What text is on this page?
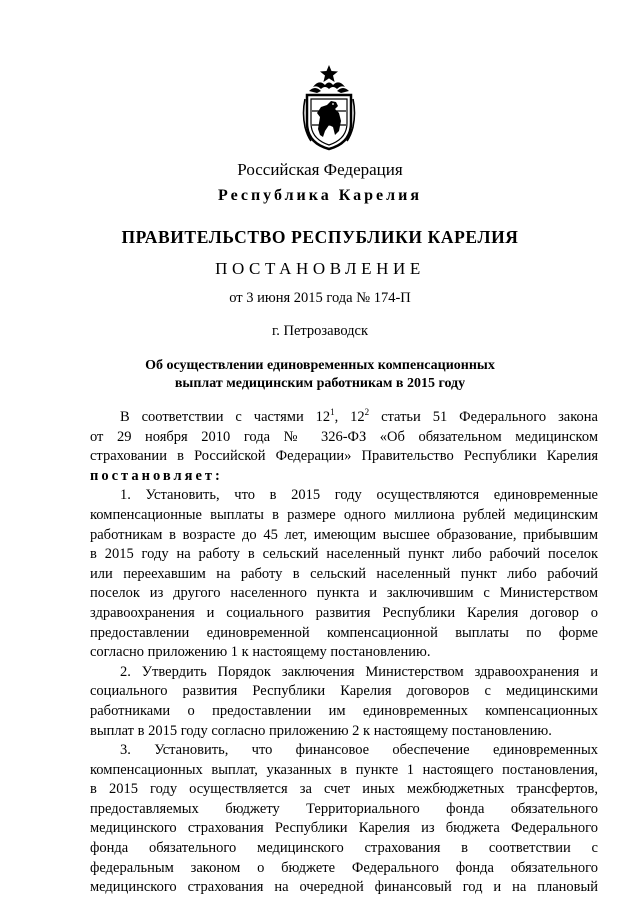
Российская Федерация
Республика Карелия
ПРАВИТЕЛЬСТВО РЕСПУБЛИКИ КАРЕЛИЯ
ПОСТАНОВЛЕНИЕ
от 3 июня 2015 года № 174-П
г. Петрозаводск
Об осуществлении единовременных компенсационных
выплат медицинским работникам в 2015 году
В соответствии с частями $12^1$, $12^2$ статьи 51 Федерального закона
от 29 ноября 2010 года № 326-ФЗ «Об обязательном медицинском
страховании в Российской Федерации» Правительство Республики Карелия
постановляет:
1. Установить, что в 2015 году осуществляются единовременные
компенсационные выплаты в размере одного миллиона рублей медицинским
работникам в возрасте до 45 лет, имеющим высшее образование, прибывшим
в 2015 году на работу в сельский населенный пункт либо рабочий поселок
или переехавшим на работу в сельский населенный пункт либо рабочий
поселок из другого населенного пункта и заключившим с Министерством
здравоохранения и социального развития Республики Карелия договор о
предоставлении единовременной компенсационной выплаты по форме
согласно приложению 1 к настоящему постановлению.
2. Утвердить Порядок заключения Министерством здравоохранения и
социального развития Республики Карелия договоров с медицинскими
работниками о предоставлении им единовременных компенсационных
выплат в 2015 году согласно приложению 2 к настоящему постановлению.
3. Установить, что финансовое обеспечение единовременных
компенсационных выплат, указанных в пункте 1 настоящего постановления,
в 2015 году осуществляется за счет иных межбюджетных трансфертов,
предоставляемых бюджету Территориального фонда обязательного
медицинского страхования Республики Карелия из бюджета Федерального
фонда обязательного медицинского страхования в соответствии с
федеральным законом о бюджете Федерального фонда обязательного
медицинского страхования на очередной финансовый год и на плановый
